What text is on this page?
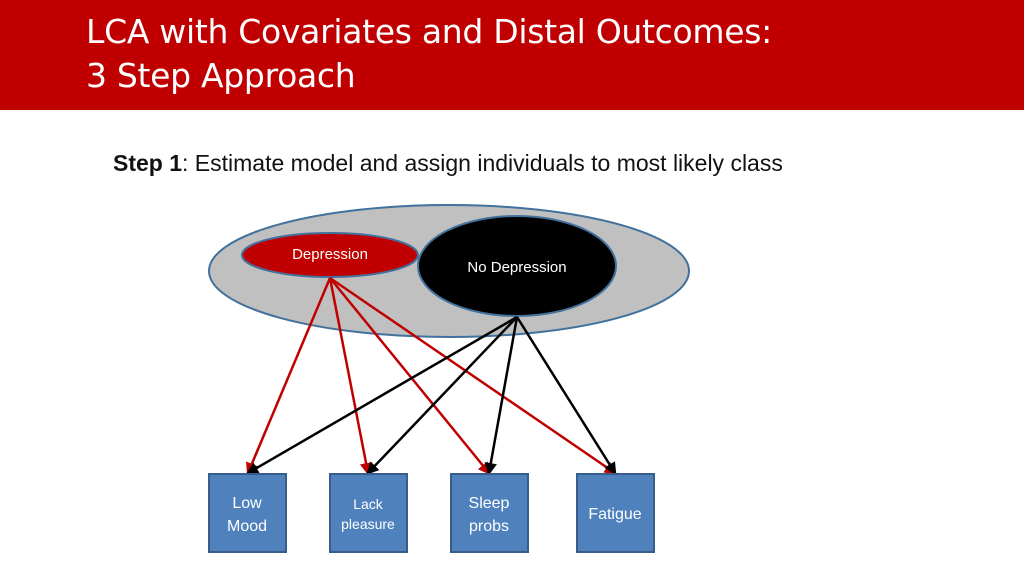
LCA with Covariates and Distal Outcomes:
3 Step Approach
Step 1: Estimate model and assign individuals to most likely class
Depression
No Depression
Low
Mood
Lack
pleasure
Sleep
probs
Fatigue
